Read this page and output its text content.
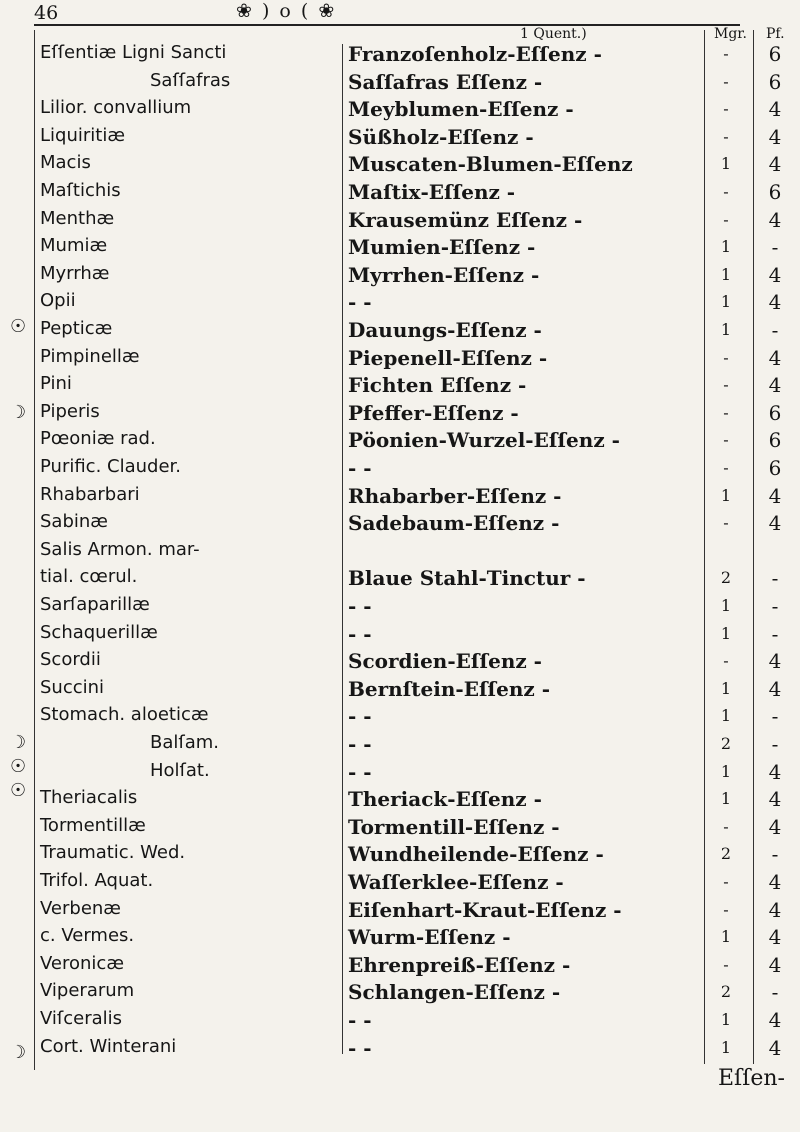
46	❀ ) o ( ❀
1 Quent.)	Mgr. Pf.
Eſſentiæ Ligni Sancti	Franzoſenholz‑Eſſenz ‑	‑	6
Saſſafras	Saſſafras Eſſenz ‑	‑	6
Lilior. convallium	Meyblumen‑Eſſenz ‑	‑	4
Liquiritiæ	Süßholz‑Eſſenz ‑	‑	4
Macis	Muscaten‑Blumen‑Eſſenz	1	4
Maſtichis	Maſtix‑Eſſenz ‑	‑	6
Menthæ	Krausemünz Eſſenz ‑	‑	4
Mumiæ	Mumien‑Eſſenz ‑	1	‑
Myrrhæ	Myrrhen‑Eſſenz ‑	1	4
Opii	‑ ‑	1	4
Pepticæ	Dauungs‑Eſſenz ‑	1	‑
Pimpinellæ	Piepenell‑Eſſenz ‑	‑	4
Pini	Fichten Eſſenz ‑	‑	4
Piperis	Pfeffer‑Eſſenz ‑	‑	6
Pœoniæ rad.	Pöonien‑Wurzel‑Eſſenz ‑	‑	6
Purific. Clauder.	‑ ‑	‑	6
Rhabarbari	Rhabarber‑Eſſenz ‑	1	4
Sabinæ	Sadebaum‑Eſſenz ‑	‑	4
Salis Armon. mar-
tial. cœrul.	Blaue Stahl‑Tinctur ‑	2	‑
Sarſaparillæ	‑ ‑	1	‑
Schaquerillæ	‑ ‑	1	‑
Scordii	Scordien‑Eſſenz ‑	‑	4
Succini	Bernſtein‑Eſſenz ‑	1	4
Stomach. aloeticæ	‑ ‑	1	‑
Balſam.	‑ ‑	2	‑
Holſat.	‑ ‑	1	4
Theriacalis	Theriack‑Eſſenz ‑	1	4
Tormentillæ	Tormentill‑Eſſenz ‑	‑	4
Traumatic. Wed.	Wundheilende‑Eſſenz ‑	2	‑
Trifol. Aquat.	Waſſerklee‑Eſſenz ‑	‑	4
Verbenæ	Eiſenhart‑Kraut‑Eſſenz ‑	‑	4
c. Vermes.	Wurm‑Eſſenz ‑	1	4
Veronicæ	Ehrenpreiß‑Eſſenz ‑	‑	4
Viperarum	Schlangen‑Eſſenz ‑	2	‑
Viſceralis	‑ ‑	1	4
Cort. Winterani	‑ ‑	1	4
☉
☽
☽
☉
☉
☽
Eſſen-
